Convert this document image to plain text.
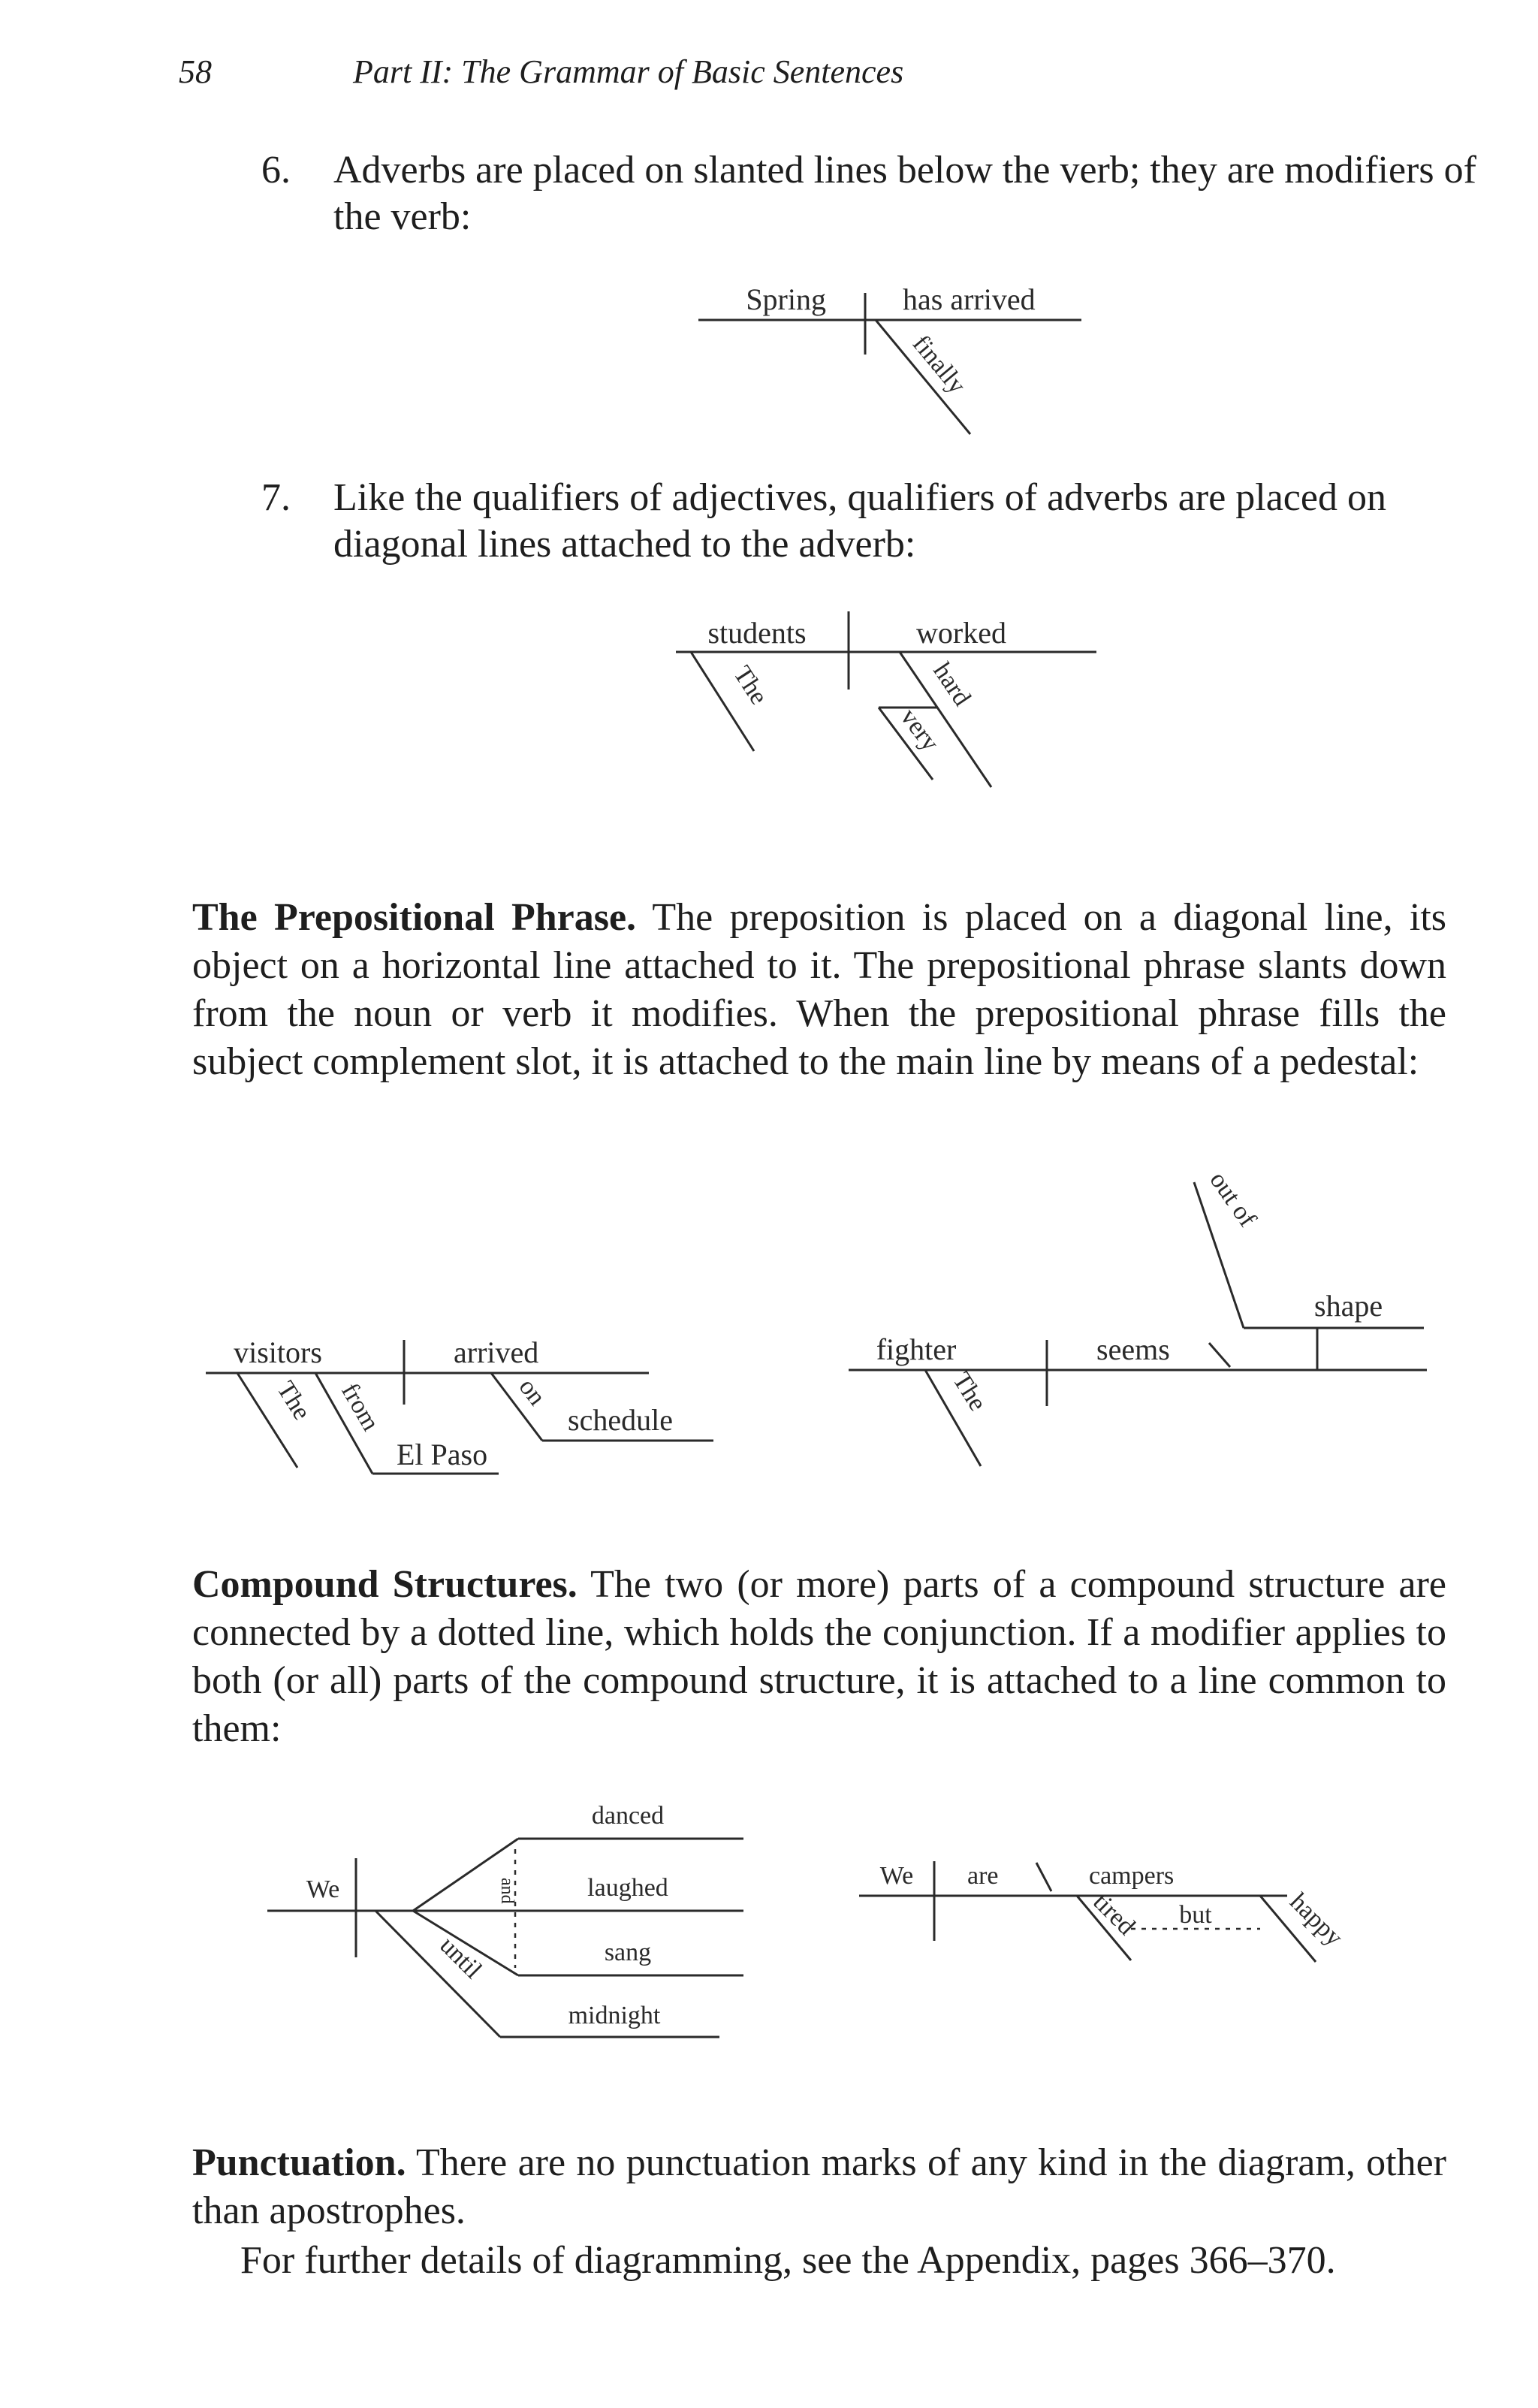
58	Part II: The Grammar of Basic Sentences
6. Adverbs are placed on slanted lines below the verb; they are modifiers of the verb:
Spring	has arrived
finally
7. Like the qualifiers of adjectives, qualifiers of adverbs are placed on diagonal lines attached to the adverb:
students	worked
The	hard
very
The Prepositional Phrase. The preposition is placed on a diagonal line, its object on a horizontal line attached to it. The prepositional phrase slants down from the noun or verb it modifies. When the prepositional phrase fills the subject complement slot, it is attached to the main line by means of a pedestal:
visitors	arrived
The from
El Paso
on
schedule
fighter	seems
out of
shape
The
Compound Structures. The two (or more) parts of a compound structure are connected by a dotted line, which holds the conjunction. If a modifier applies to both (or all) parts of the compound structure, it is attached to a line common to them:
We
danced
laughed
sang
and
until
midnight
We are	campers
tired but	happy
Punctuation. There are no punctuation marks of any kind in the diagram, other than apostrophes.
For further details of diagramming, see the Appendix, pages 366–370.
